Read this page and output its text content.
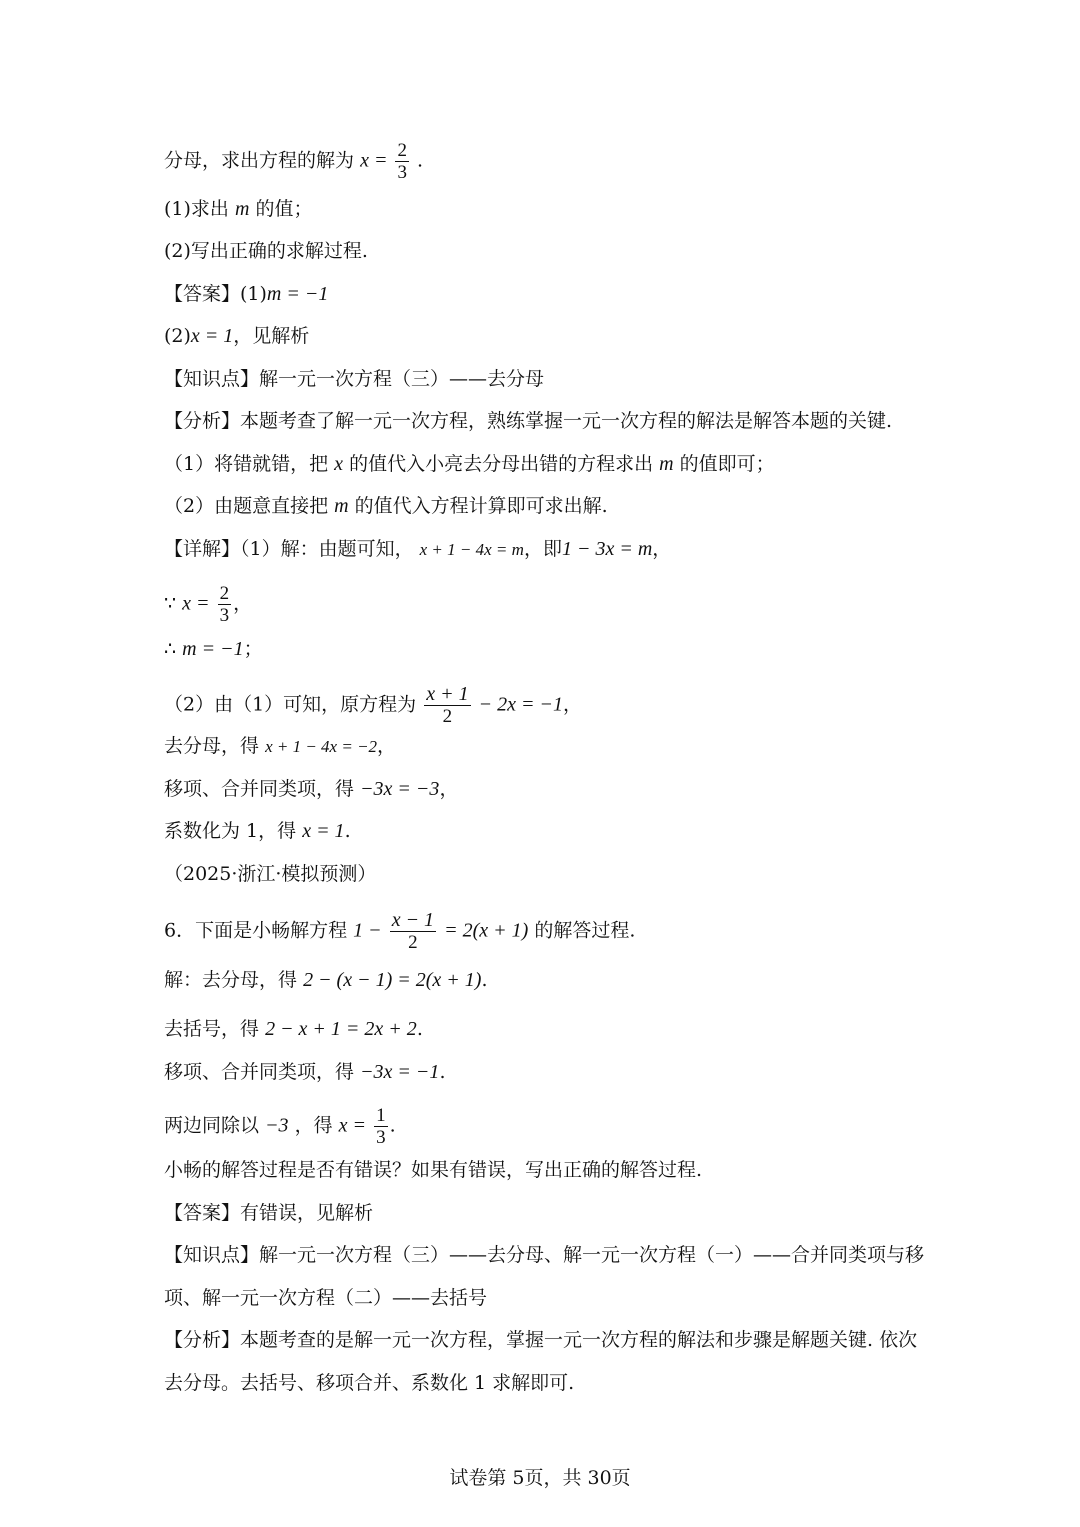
分母，求出方程的解为 $x = \frac{2}{3}$ .
(1)求出 m 的值；
(2)写出正确的求解过程.
【答案】(1)m = −1
(2)x = 1，见解析
【知识点】解一元一次方程（三）——去分母
【分析】本题考查了解一元一次方程，熟练掌握一元一次方程的解法是解答本题的关键.
（1）将错就错，把 x 的值代入小亮去分母出错的方程求出 m 的值即可；
（2）由题意直接把 m 的值代入方程计算即可求出解.
【详解】（1）解：由题可知， x + 1 − 4x = m，即1 − 3x = m，
∵ $x = \frac{2}{3}$ ，
∴ m = −1；
（2）由（1）可知，原方程为 $\frac{x + 1}{2} - 2x = -1$，
去分母，得 x + 1 − 4x = −2，
移项、合并同类项，得 −3x = −3，
系数化为 1，得 x = 1.
（2025·浙江·模拟预测）
6．下面是小畅解方程 $1 - \frac{x - 1}{2} = 2(x + 1)$ 的解答过程.
解：去分母，得 2 − (x − 1) = 2(x + 1).
去括号，得 2 − x + 1 = 2x + 2.
移项、合并同类项，得 −3x = −1.
两边同除以 −3 ，得 $x = \frac{1}{3}$ .
小畅的解答过程是否有错误？如果有错误，写出正确的解答过程.
【答案】有错误，见解析
【知识点】解一元一次方程（三）——去分母、解一元一次方程（一）——合并同类项与移
项、解一元一次方程（二）——去括号
【分析】本题考查的是解一元一次方程，掌握一元一次方程的解法和步骤是解题关键. 依次
去分母。去括号、移项合并、系数化 1 求解即可.
试卷第 5页，共 30页
